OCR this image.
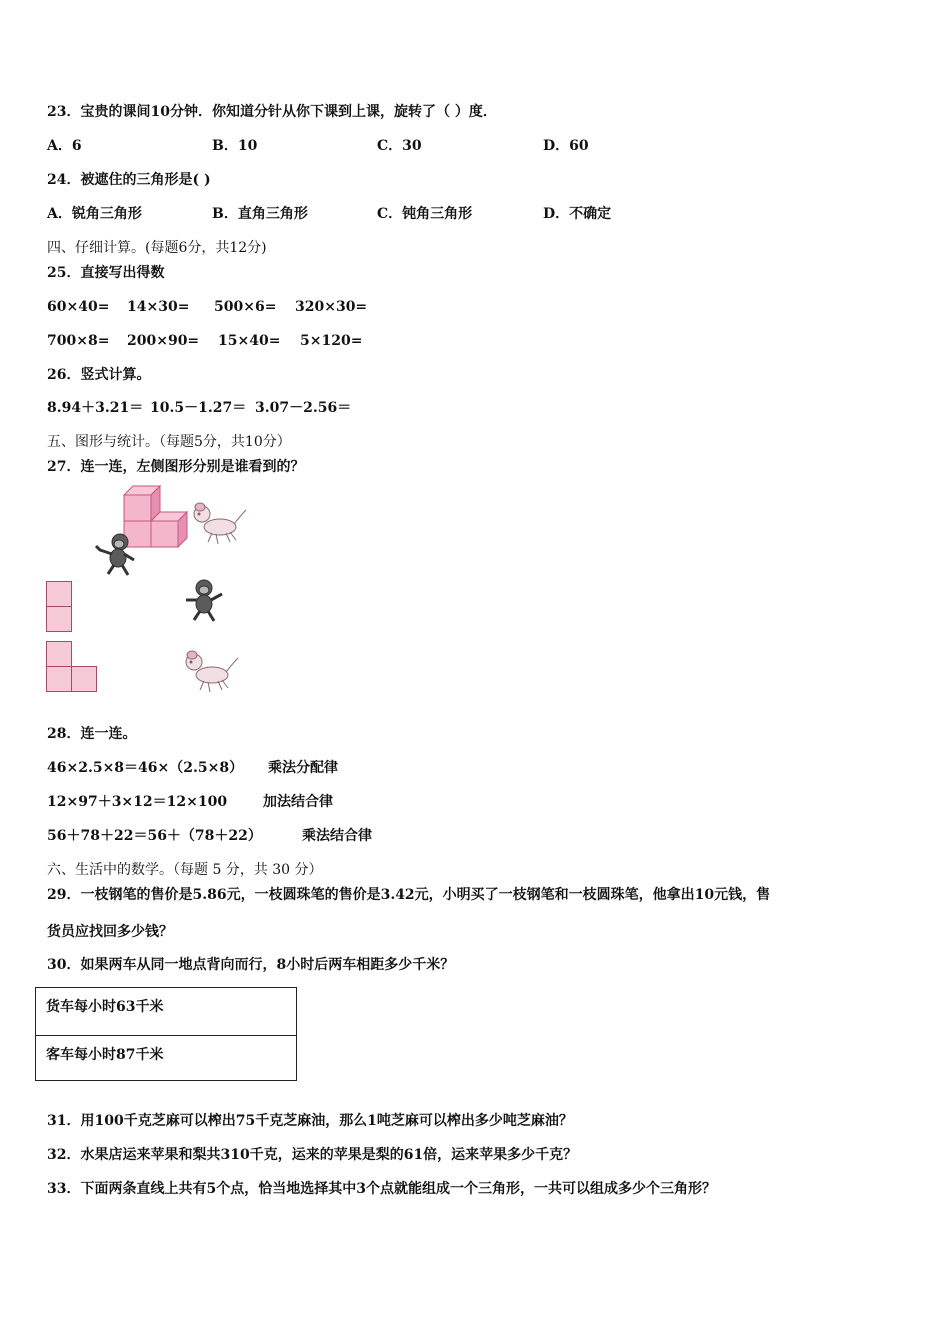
23．宝贵的课间10分钟．你知道分针从你下课到上课，旋转了（ ）度．
A．6	B．10	C．30	D．60
24．被遮住的三角形是( )
A．锐角三角形	B．直角三角形	C．钝角三角形	D．不确定
四、仔细计算。(每题6分，共12分)
25．直接写出得数
60×40= 14×30= 500×6= 320×30=
700×8= 200×90= 15×40= 5×120=
26．竖式计算。
8.94＋3.21＝ 10.5－1.27＝ 3.07－2.56＝
五、图形与统计。（每题5分，共10分）
27．连一连，左侧图形分别是谁看到的？
28．连一连。
46×2.5×8＝46×（2.5×8） 乘法分配律
12×97＋3×12＝12×100	加法结合律
56＋78＋22＝56＋（78＋22）	乘法结合律
六、生活中的数学。（每题 5 分，共 30 分）
29．一枝钢笔的售价是5.86元，一枝圆珠笔的售价是3.42元，小明买了一枝钢笔和一枝圆珠笔，他拿出10元钱，售
货员应找回多少钱？
30．如果两车从同一地点背向而行，8小时后两车相距多少千米？
货车每小时63千米
客车每小时87千米
31．用100千克芝麻可以榨出75千克芝麻油，那么1吨芝麻可以榨出多少吨芝麻油？
32．水果店运来苹果和梨共310千克，运来的苹果是梨的61倍，运来苹果多少千克？
33．下面两条直线上共有5个点，恰当地选择其中3个点就能组成一个三角形，一共可以组成多少个三角形？
